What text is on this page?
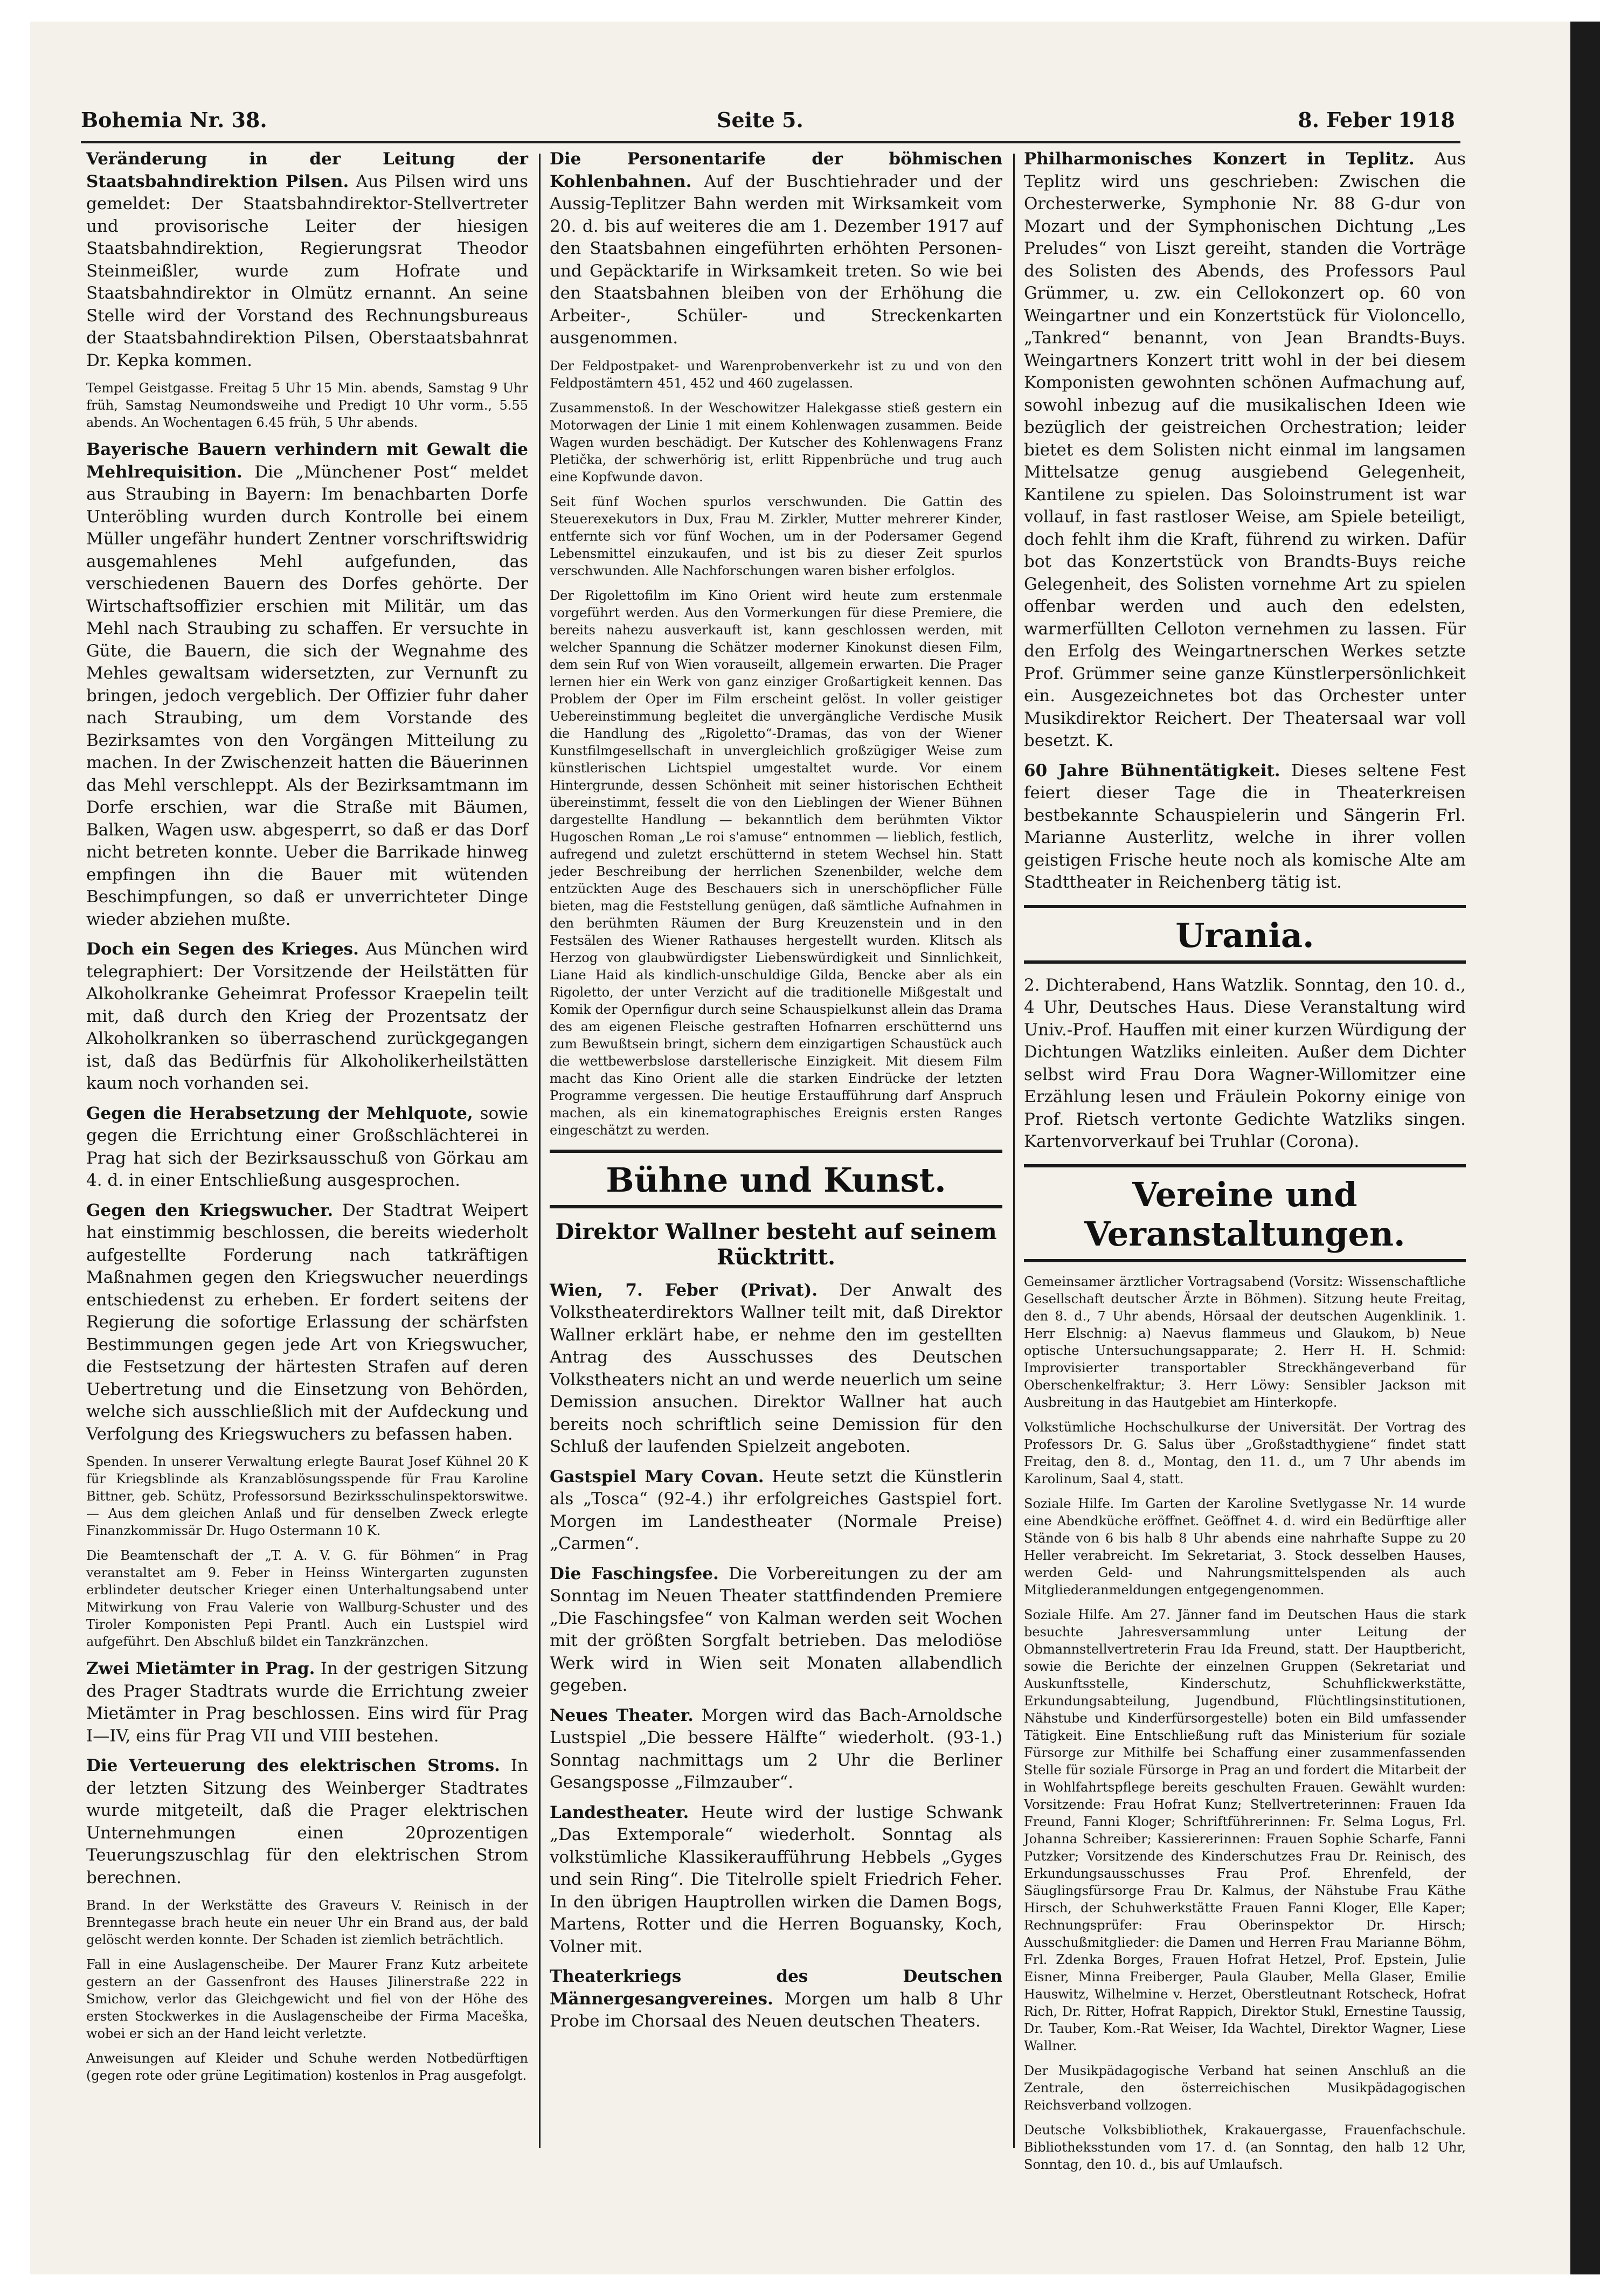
Bohemia Nr. 38.	Seite 5.	8. Feber 1918

Veränderung in der Leitung der Staatsbahndirektion Pilsen. Aus Pilsen wird uns gemeldet: Der Staatsbahndirektor-Stellvertreter und provisorische Leiter der hiesigen Staatsbahndirektion, Regierungsrat Theodor Steinmeißler, wurde zum Hofrate und Staatsbahndirektor in Olmütz ernannt. An seine Stelle wird der Vorstand des Rechnungsbureaus der Staatsbahndirektion Pilsen, Oberstaatsbahnrat Dr. Kepka kommen.

Tempel Geistgasse. Freitag 5 Uhr 15 Min. abends, Samstag 9 Uhr früh, Samstag Neumondsweihe und Predigt 10 Uhr vorm., 5.55 abends. An Wochentagen 6.45 früh, 5 Uhr abends.

Bayerische Bauern verhindern mit Gewalt die Mehlrequisition. Die „Münchener Post“ meldet aus Straubing in Bayern: Im benachbarten Dorfe Unteröbling wurden durch Kontrolle bei einem Müller ungefähr hundert Zentner vorschriftswidrig ausgemahlenes Mehl aufgefunden, das verschiedenen Bauern des Dorfes gehörte. Der Wirtschaftsoffizier erschien mit Militär, um das Mehl nach Straubing zu schaffen. Er versuchte in Güte, die Bauern, die sich der Wegnahme des Mehles gewaltsam widersetzten, zur Vernunft zu bringen, jedoch vergeblich. Der Offizier fuhr daher nach Straubing, um dem Vorstande des Bezirksamtes von den Vorgängen Mitteilung zu machen. In der Zwischenzeit hatten die Bäuerinnen das Mehl verschleppt. Als der Bezirksamtmann im Dorfe erschien, war die Straße mit Bäumen, Balken, Wagen usw. abgesperrt, so daß er das Dorf nicht betreten konnte. Ueber die Barrikade hinweg empfingen ihn die Bauer mit wütenden Beschimpfungen, so daß er unverrichteter Dinge wieder abziehen mußte.

Doch ein Segen des Krieges. Aus München wird telegraphiert: Der Vorsitzende der Heilstätten für Alkoholkranke Geheimrat Professor Kraepelin teilt mit, daß durch den Krieg der Prozentsatz der Alkoholkranken so überraschend zurückgegangen ist, daß das Bedürfnis für Alkoholikerheilstätten kaum noch vorhanden sei.

Gegen die Herabsetzung der Mehlquote, sowie gegen die Errichtung einer Großschlächterei in Prag hat sich der Bezirksausschuß von Görkau am 4. d. in einer Entschließung ausgesprochen.

Gegen den Kriegswucher. Der Stadtrat Weipert hat einstimmig beschlossen, die bereits wiederholt aufgestellte Forderung nach tatkräftigen Maßnahmen gegen den Kriegswucher neuerdings entschiedenst zu erheben. Er fordert seitens der Regierung die sofortige Erlassung der schärfsten Bestimmungen gegen jede Art von Kriegswucher, die Festsetzung der härtesten Strafen auf deren Uebertretung und die Einsetzung von Behörden, welche sich ausschließlich mit der Aufdeckung und Verfolgung des Kriegswuchers zu befassen haben.

Spenden. In unserer Verwaltung erlegte Baurat Josef Kühnel 20 K für Kriegsblinde als Kranzablösungsspende für Frau Karoline Bittner, geb. Schütz, Professorsund Bezirksschulinspektorswitwe. — Aus dem gleichen Anlaß und für denselben Zweck erlegte Finanzkommissär Dr. Hugo Ostermann 10 K.

Die Beamtenschaft der „T. A. V. G. für Böhmen“ in Prag veranstaltet am 9. Feber in Heinss Wintergarten zugunsten erblindeter deutscher Krieger einen Unterhaltungsabend unter Mitwirkung von Frau Valerie von Wallburg-Schuster und des Tiroler Komponisten Pepi Prantl. Auch ein Lustspiel wird aufgeführt. Den Abschluß bildet ein Tanzkränzchen.

Zwei Mietämter in Prag. In der gestrigen Sitzung des Prager Stadtrats wurde die Errichtung zweier Mietämter in Prag beschlossen. Eins wird für Prag I—IV, eins für Prag VII und VIII bestehen.

Die Verteuerung des elektrischen Stroms. In der letzten Sitzung des Weinberger Stadtrates wurde mitgeteilt, daß die Prager elektrischen Unternehmungen einen 20prozentigen Teuerungszuschlag für den elektrischen Strom berechnen.

Brand. In der Werkstätte des Graveurs V. Reinisch in der Brenntegasse brach heute ein neuer Uhr ein Brand aus, der bald gelöscht werden konnte. Der Schaden ist ziemlich beträchtlich.

Fall in eine Auslagenscheibe. Der Maurer Franz Kutz arbeitete gestern an der Gassenfront des Hauses Jilinerstraße 222 in Smichow, verlor das Gleichgewicht und fiel von der Höhe des ersten Stockwerkes in die Auslagenscheibe der Firma Maceška, wobei er sich an der Hand leicht verletzte.

Anweisungen auf Kleider und Schuhe werden Notbedürftigen (gegen rote oder grüne Legitimation) kostenlos in Prag ausgefolgt.

Die Personentarife der böhmischen Kohlenbahnen. Auf der Buschtiehrader und der Aussig-Teplitzer Bahn werden mit Wirksamkeit vom 20. d. bis auf weiteres die am 1. Dezember 1917 auf den Staatsbahnen eingeführten erhöhten Personen- und Gepäcktarife in Wirksamkeit treten. So wie bei den Staatsbahnen bleiben von der Erhöhung die Arbeiter-, Schüler- und Streckenkarten ausgenommen.

Der Feldpostpaket- und Warenprobenverkehr ist zu und von den Feldpostämtern 451, 452 und 460 zugelassen.

Zusammenstoß. In der Weschowitzer Halekgasse stieß gestern ein Motorwagen der Linie 1 mit einem Kohlenwagen zusammen. Beide Wagen wurden beschädigt. Der Kutscher des Kohlenwagens Franz Pletička, der schwerhörig ist, erlitt Rippenbrüche und trug auch eine Kopfwunde davon.

Seit fünf Wochen spurlos verschwunden. Die Gattin des Steuerexekutors in Dux, Frau M. Zirkler, Mutter mehrerer Kinder, entfernte sich vor fünf Wochen, um in der Podersamer Gegend Lebensmittel einzukaufen, und ist bis zu dieser Zeit spurlos verschwunden. Alle Nachforschungen waren bisher erfolglos.

Der Rigolettofilm im Kino Orient wird heute zum erstenmale vorgeführt werden. Aus den Vormerkungen für diese Premiere, die bereits nahezu ausverkauft ist, kann geschlossen werden, mit welcher Spannung die Schätzer moderner Kinokunst diesen Film, dem sein Ruf von Wien vorauseilt, allgemein erwarten. Die Prager lernen hier ein Werk von ganz einziger Großartigkeit kennen. Das Problem der Oper im Film erscheint gelöst. In voller geistiger Uebereinstimmung begleitet die unvergängliche Verdische Musik die Handlung des „Rigoletto“-Dramas, das von der Wiener Kunstfilmgesellschaft in unvergleichlich großzügiger Weise zum künstlerischen Lichtspiel umgestaltet wurde. Vor einem Hintergrunde, dessen Schönheit mit seiner historischen Echtheit übereinstimmt, fesselt die von den Lieblingen der Wiener Bühnen dargestellte Handlung — bekanntlich dem berühmten Viktor Hugoschen Roman „Le roi s'amuse“ entnommen — lieblich, festlich, aufregend und zuletzt erschütternd in stetem Wechsel hin. Statt jeder Beschreibung der herrlichen Szenenbilder, welche dem entzückten Auge des Beschauers sich in unerschöpflicher Fülle bieten, mag die Feststellung genügen, daß sämtliche Aufnahmen in den berühmten Räumen der Burg Kreuzenstein und in den Festsälen des Wiener Rathauses hergestellt wurden. Klitsch als Herzog von glaubwürdigster Liebenswürdigkeit und Sinnlichkeit, Liane Haid als kindlich-unschuldige Gilda, Bencke aber als ein Rigoletto, der unter Verzicht auf die traditionelle Mißgestalt und Komik der Opernfigur durch seine Schauspielkunst allein das Drama des am eigenen Fleische gestraften Hofnarren erschütternd uns zum Bewußtsein bringt, sichern dem einzigartigen Schaustück auch die wettbewerbslose darstellerische Einzigkeit. Mit diesem Film macht das Kino Orient alle die starken Eindrücke der letzten Programme vergessen. Die heutige Erstaufführung darf Anspruch machen, als ein kinematographisches Ereignis ersten Ranges eingeschätzt zu werden.

Bühne und Kunst.
Direktor Wallner besteht auf seinem Rücktritt.

Wien, 7. Feber (Privat). Der Anwalt des Volkstheaterdirektors Wallner teilt mit, daß Direktor Wallner erklärt habe, er nehme den im gestellten Antrag des Ausschusses des Deutschen Volkstheaters nicht an und werde neuerlich um seine Demission ansuchen. Direktor Wallner hat auch bereits noch schriftlich seine Demission für den Schluß der laufenden Spielzeit angeboten.

Gastspiel Mary Covan. Heute setzt die Künstlerin als „Tosca“ (92-4.) ihr erfolgreiches Gastspiel fort. Morgen im Landestheater (Normale Preise) „Carmen“.

Die Faschingsfee. Die Vorbereitungen zu der am Sonntag im Neuen Theater stattfindenden Premiere „Die Faschingsfee“ von Kalman werden seit Wochen mit der größten Sorgfalt betrieben. Das melodiöse Werk wird in Wien seit Monaten allabendlich gegeben.

Neues Theater. Morgen wird das Bach-Arnoldsche Lustspiel „Die bessere Hälfte“ wiederholt. (93-1.) Sonntag nachmittags um 2 Uhr die Berliner Gesangsposse „Filmzauber“.

Landestheater. Heute wird der lustige Schwank „Das Extemporale“ wiederholt. Sonntag als volkstümliche Klassikeraufführung Hebbels „Gyges und sein Ring“. Die Titelrolle spielt Friedrich Feher. In den übrigen Hauptrollen wirken die Damen Bogs, Martens, Rotter und die Herren Boguansky, Koch, Volner mit.

Theaterkriegs des Deutschen Männergesangvereines. Morgen um halb 8 Uhr Probe im Chorsaal des Neuen deutschen Theaters.

Philharmonisches Konzert in Teplitz. Aus Teplitz wird uns geschrieben: Zwischen die Orchesterwerke, Symphonie Nr. 88 G-dur von Mozart und der Symphonischen Dichtung „Les Preludes“ von Liszt gereiht, standen die Vorträge des Solisten des Abends, des Professors Paul Grümmer, u. zw. ein Cellokonzert op. 60 von Weingartner und ein Konzertstück für Violoncello, „Tankred“ benannt, von Jean Brandts-Buys. Weingartners Konzert tritt wohl in der bei diesem Komponisten gewohnten schönen Aufmachung auf, sowohl inbezug auf die musikalischen Ideen wie bezüglich der geistreichen Orchestration; leider bietet es dem Solisten nicht einmal im langsamen Mittelsatze genug ausgiebend Gelegenheit, Kantilene zu spielen. Das Soloinstrument ist war vollauf, in fast rastloser Weise, am Spiele beteiligt, doch fehlt ihm die Kraft, führend zu wirken. Dafür bot das Konzertstück von Brandts-Buys reiche Gelegenheit, des Solisten vornehme Art zu spielen offenbar werden und auch den edelsten, warmerfüllten Celloton vernehmen zu lassen. Für den Erfolg des Weingartnerschen Werkes setzte Prof. Grümmer seine ganze Künstlerpersönlichkeit ein. Ausgezeichnetes bot das Orchester unter Musikdirektor Reichert. Der Theatersaal war voll besetzt. K.

60 Jahre Bühnentätigkeit. Dieses seltene Fest feiert dieser Tage die in Theaterkreisen bestbekannte Schauspielerin und Sängerin Frl. Marianne Austerlitz, welche in ihrer vollen geistigen Frische heute noch als komische Alte am Stadttheater in Reichenberg tätig ist.

Urania.

2. Dichterabend, Hans Watzlik. Sonntag, den 10. d., 4 Uhr, Deutsches Haus. Diese Veranstaltung wird Univ.-Prof. Hauffen mit einer kurzen Würdigung der Dichtungen Watzliks einleiten. Außer dem Dichter selbst wird Frau Dora Wagner-Willomitzer eine Erzählung lesen und Fräulein Pokorny einige von Prof. Rietsch vertonte Gedichte Watzliks singen. Kartenvorverkauf bei Truhlar (Corona).

Vereine und Veranstaltungen.

Gemeinsamer ärztlicher Vortragsabend (Vorsitz: Wissenschaftliche Gesellschaft deutscher Ärzte in Böhmen). Sitzung heute Freitag, den 8. d., 7 Uhr abends, Hörsaal der deutschen Augenklinik. 1. Herr Elschnig: a) Naevus flammeus und Glaukom, b) Neue optische Untersuchungsapparate; 2. Herr H. H. Schmid: Improvisierter transportabler Streckhängeverband für Oberschenkelfraktur; 3. Herr Löwy: Sensibler Jackson mit Ausbreitung in das Hautgebiet am Hinterkopfe.

Volkstümliche Hochschulkurse der Universität. Der Vortrag des Professors Dr. G. Salus über „Großstadthygiene“ findet statt Freitag, den 8. d., Montag, den 11. d., um 7 Uhr abends im Karolinum, Saal 4, statt.

Soziale Hilfe. Im Garten der Karoline Svetlygasse Nr. 14 wurde eine Abendküche eröffnet. Geöffnet 4. d. wird ein Bedürftige aller Stände von 6 bis halb 8 Uhr abends eine nahrhafte Suppe zu 20 Heller verabreicht. Im Sekretariat, 3. Stock desselben Hauses, werden Geld- und Nahrungsmittelspenden als auch Mitgliederanmeldungen entgegengenommen.

Soziale Hilfe. Am 27. Jänner fand im Deutschen Haus die stark besuchte Jahresversammlung unter Leitung der Obmannstellvertreterin Frau Ida Freund, statt. Der Hauptbericht, sowie die Berichte der einzelnen Gruppen (Sekretariat und Auskunftsstelle, Kinderschutz, Schuhflickwerkstätte, Erkundungsabteilung, Jugendbund, Flüchtlingsinstitutionen, Nähstube und Kinderfürsorgestelle) boten ein Bild umfassender Tätigkeit. Eine Entschließung ruft das Ministerium für soziale Fürsorge zur Mithilfe bei Schaffung einer zusammenfassenden Stelle für soziale Fürsorge in Prag an und fordert die Mitarbeit der in Wohlfahrtspflege bereits geschulten Frauen. Gewählt wurden: Vorsitzende: Frau Hofrat Kunz; Stellvertreterinnen: Frauen Ida Freund, Fanni Kloger; Schriftführerinnen: Fr. Selma Logus, Frl. Johanna Schreiber; Kassiererinnen: Frauen Sophie Scharfe, Fanni Putzker; Vorsitzende des Kinderschutzes Frau Dr. Reinisch, des Erkundungsausschusses Frau Prof. Ehrenfeld, der Säuglingsfürsorge Frau Dr. Kalmus, der Nähstube Frau Käthe Hirsch, der Schuhwerkstätte Frauen Fanni Kloger, Elle Kaper; Rechnungsprüfer: Frau Oberinspektor Dr. Hirsch; Ausschußmitglieder: die Damen und Herren Frau Marianne Böhm, Frl. Zdenka Borges, Frauen Hofrat Hetzel, Prof. Epstein, Julie Eisner, Minna Freiberger, Paula Glauber, Mella Glaser, Emilie Hauswitz, Wilhelmine v. Herzet, Oberstleutnant Rotscheck, Hofrat Rich, Dr. Ritter, Hofrat Rappich, Direktor Stukl, Ernestine Taussig, Dr. Tauber, Kom.-Rat Weiser, Ida Wachtel, Direktor Wagner, Liese Wallner.

Der Musikpädagogische Verband hat seinen Anschluß an die Zentrale, den österreichischen Musikpädagogischen Reichsverband vollzogen.

Deutsche Volksbibliothek, Krakauergasse, Frauenfachschule. Bibliotheksstunden vom 17. d. (an Sonntag, den halb 12 Uhr, Sonntag, den 10. d., bis auf Umlaufsch.
